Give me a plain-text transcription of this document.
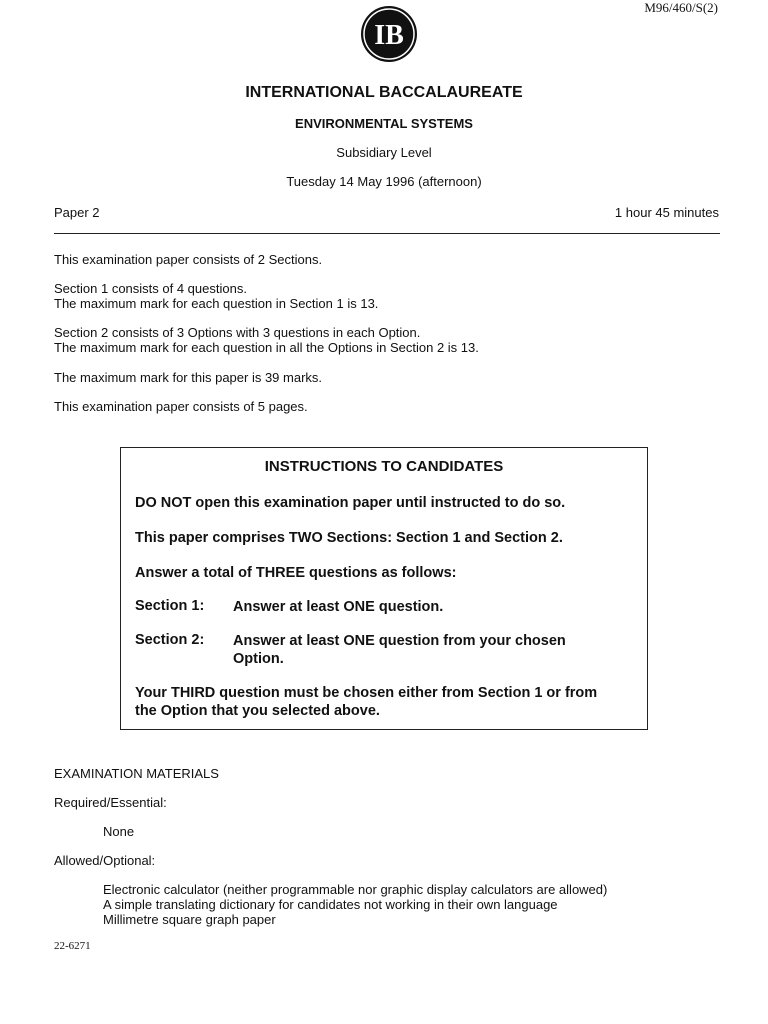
M96/460/S(2)
IB
INTERNATIONAL BACCALAUREATE
ENVIRONMENTAL SYSTEMS
Subsidiary Level
Tuesday 14 May 1996 (afternoon)
Paper 2	1 hour 45 minutes
This examination paper consists of 2 Sections.
Section 1 consists of 4 questions.
The maximum mark for each question in Section 1 is 13.
Section 2 consists of 3 Options with 3 questions in each Option.
The maximum mark for each question in all the Options in Section 2 is 13.
The maximum mark for this paper is 39 marks.
This examination paper consists of 5 pages.
INSTRUCTIONS TO CANDIDATES
DO NOT open this examination paper until instructed to do so.
This paper comprises TWO Sections: Section 1 and Section 2.
Answer a total of THREE questions as follows:
Section 1: Answer at least ONE question.
Section 2: Answer at least ONE question from your chosen
Option.
Your THIRD question must be chosen either from Section 1 or from
the Option that you selected above.
EXAMINATION MATERIALS
Required/Essential:
None
Allowed/Optional:
Electronic calculator (neither programmable nor graphic display calculators are allowed)
A simple translating dictionary for candidates not working in their own language
Millimetre square graph paper
22-6271
